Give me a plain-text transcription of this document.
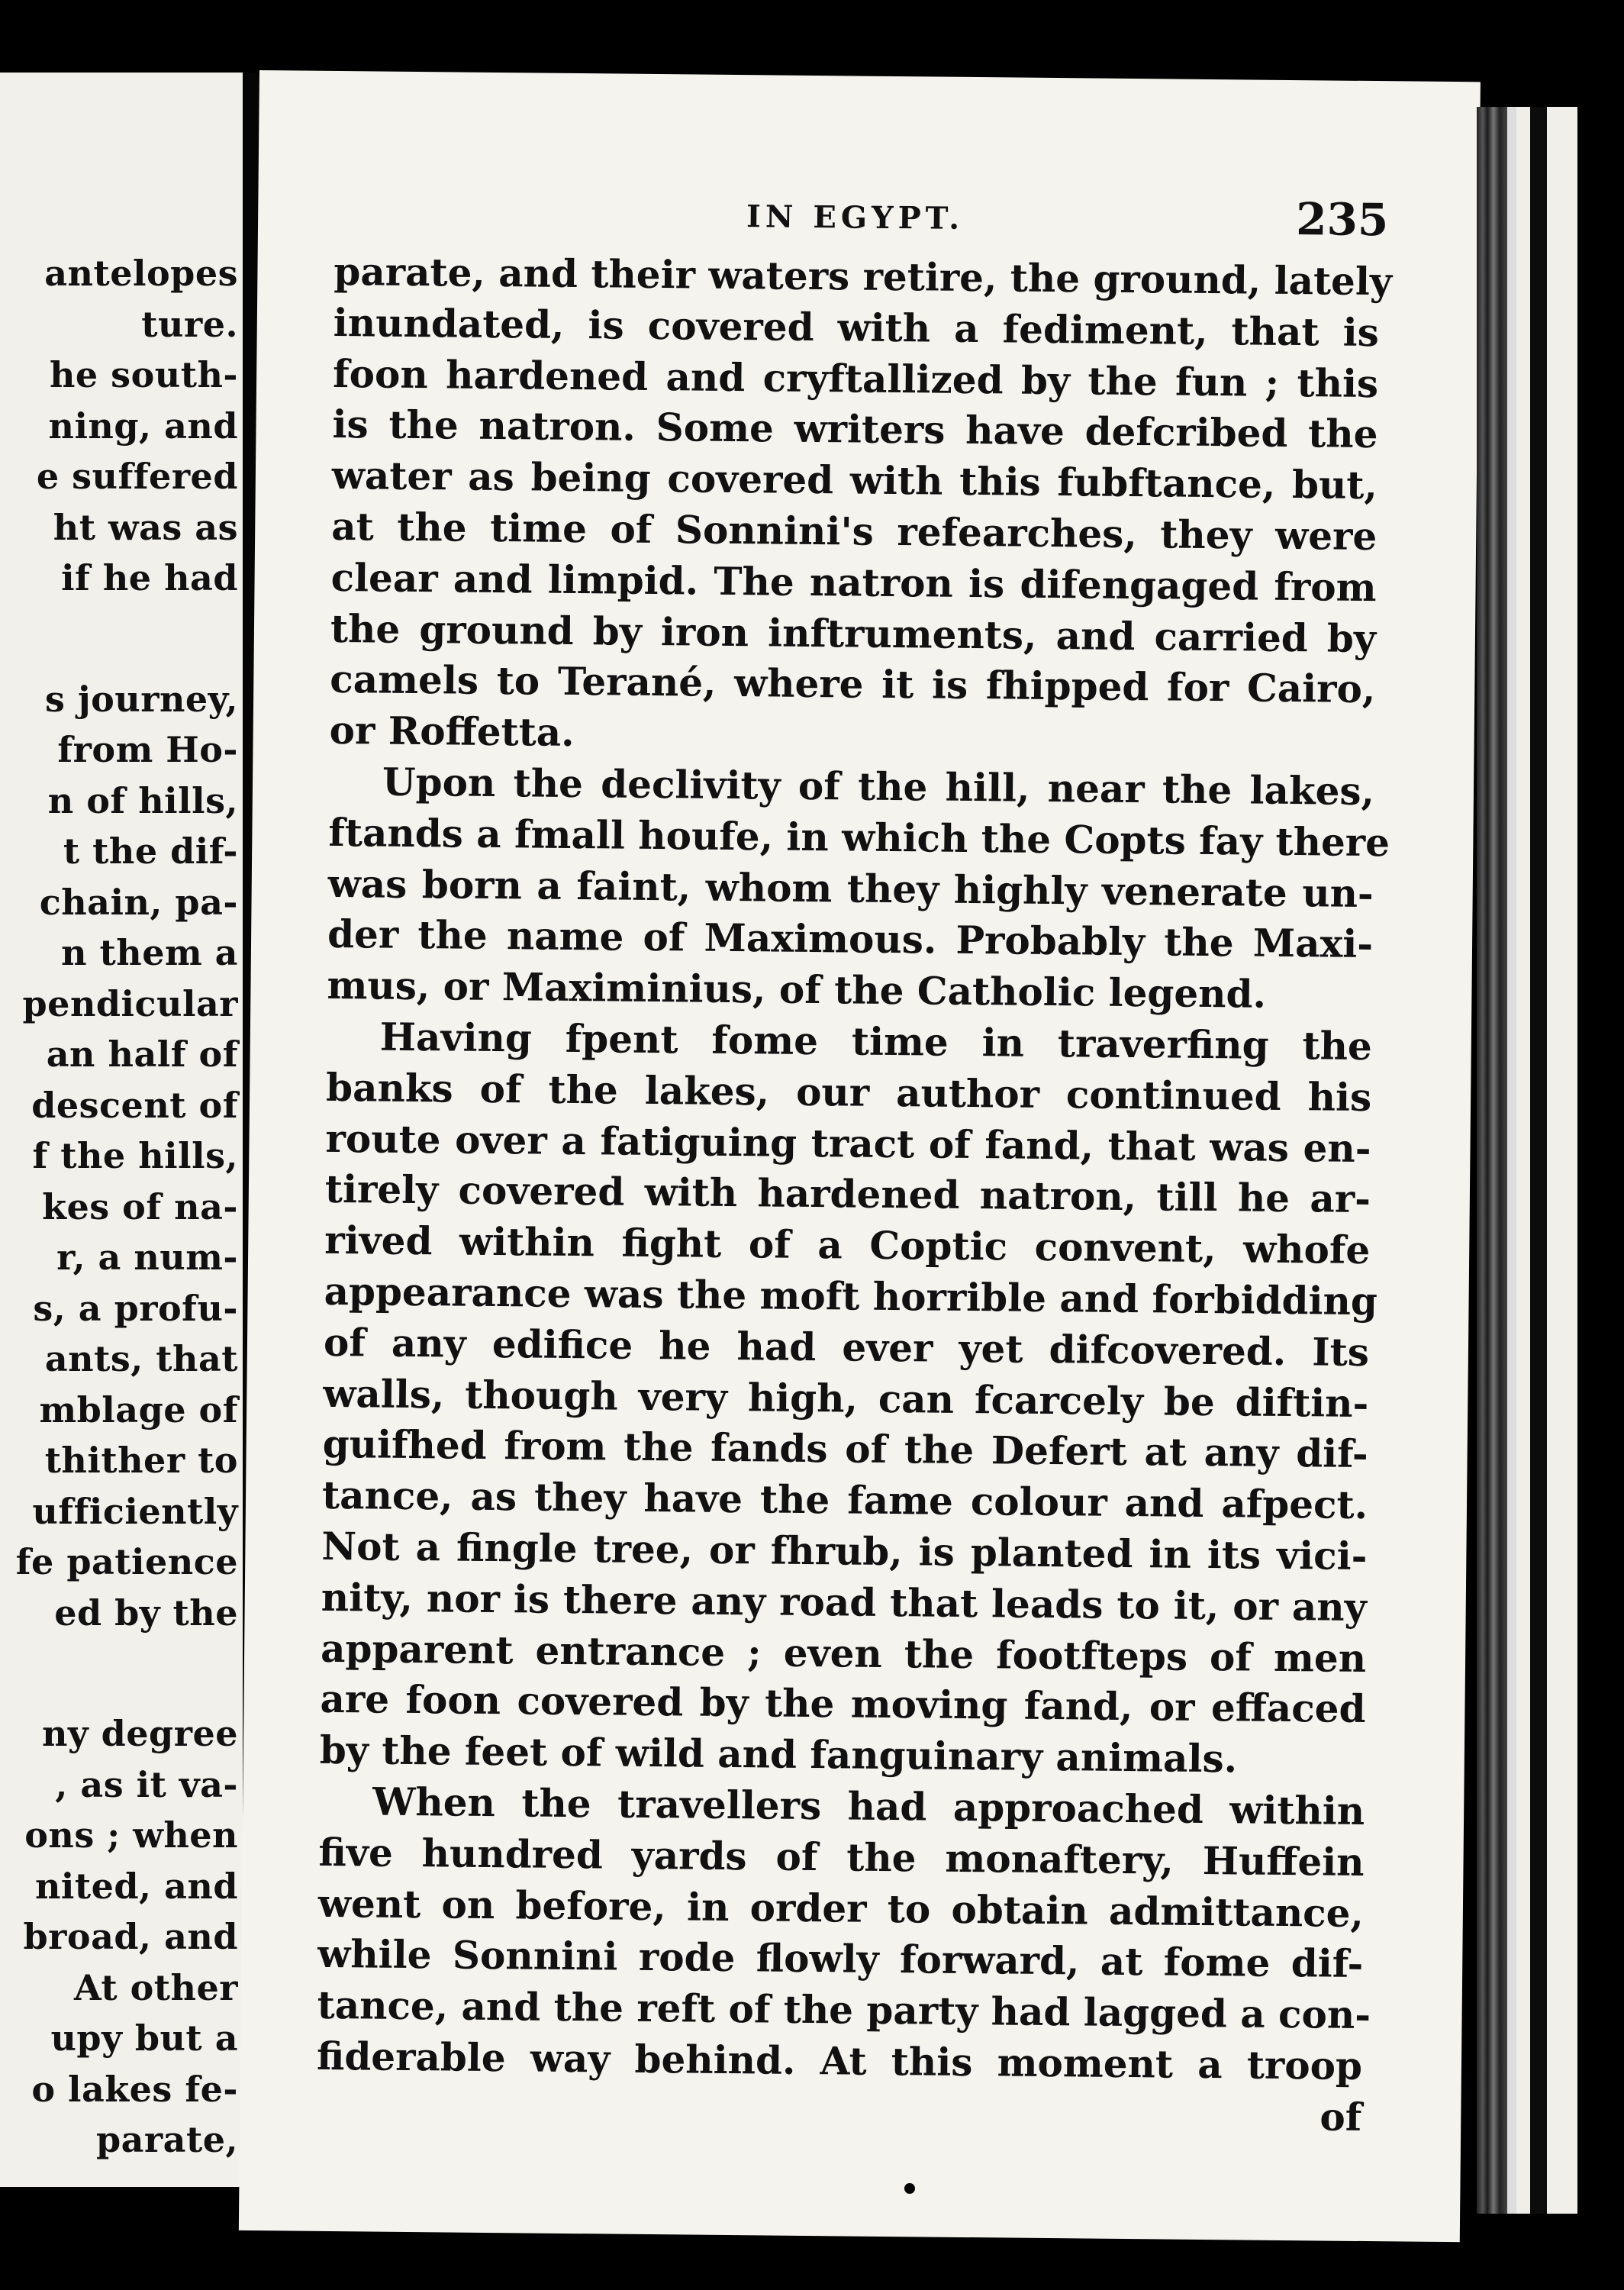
antelopes
ture.
he south-
ning, and
e suffered
ht was as
if he had
s journey,
from Ho-
n of hills,
t the dif-
chain, pa-
n them a
pendicular
an half of
descent of
f the hills,
kes of na-
r, a num-
s, a profu-
ants, that
mblage of
thither to
ufficiently
fe patience
ed by the
ny degree
, as it va-
ons ; when
nited, and
broad, and
At other
upy but a
o lakes fe-
parate,
IN EGYPT.	235
parate, and their waters retire, the ground, lately
inundated, is covered with a fediment, that is
foon hardened and cryftallized by the fun ; this
is the natron. Some writers have defcribed the
water as being covered with this fubftance, but,
at the time of Sonnini's refearches, they were
clear and limpid. The natron is difengaged from
the ground by iron inftruments, and carried by
camels to Terané, where it is fhipped for Cairo,
or Roffetta.
Upon the declivity of the hill, near the lakes,
ftands a fmall houfe, in which the Copts fay there
was born a faint, whom they highly venerate un-
der the name of Maximous. Probably the Maxi-
mus, or Maximinius, of the Catholic legend.
Having fpent fome time in traverfing the
banks of the lakes, our author continued his
route over a fatiguing tract of fand, that was en-
tirely covered with hardened natron, till he ar-
rived within fight of a Coptic convent, whofe
appearance was the moft horrible and forbidding
of any edifice he had ever yet difcovered. Its
walls, though very high, can fcarcely be diftin-
guifhed from the fands of the Defert at any dif-
tance, as they have the fame colour and afpect.
Not a fingle tree, or fhrub, is planted in its vici-
nity, nor is there any road that leads to it, or any
apparent entrance ; even the footfteps of men
are foon covered by the moving fand, or effaced
by the feet of wild and fanguinary animals.
When the travellers had approached within
five hundred yards of the monaftery, Huffein
went on before, in order to obtain admittance,
while Sonnini rode flowly forward, at fome dif-
tance, and the reft of the party had lagged a con-
fiderable way behind. At this moment a troop
of
